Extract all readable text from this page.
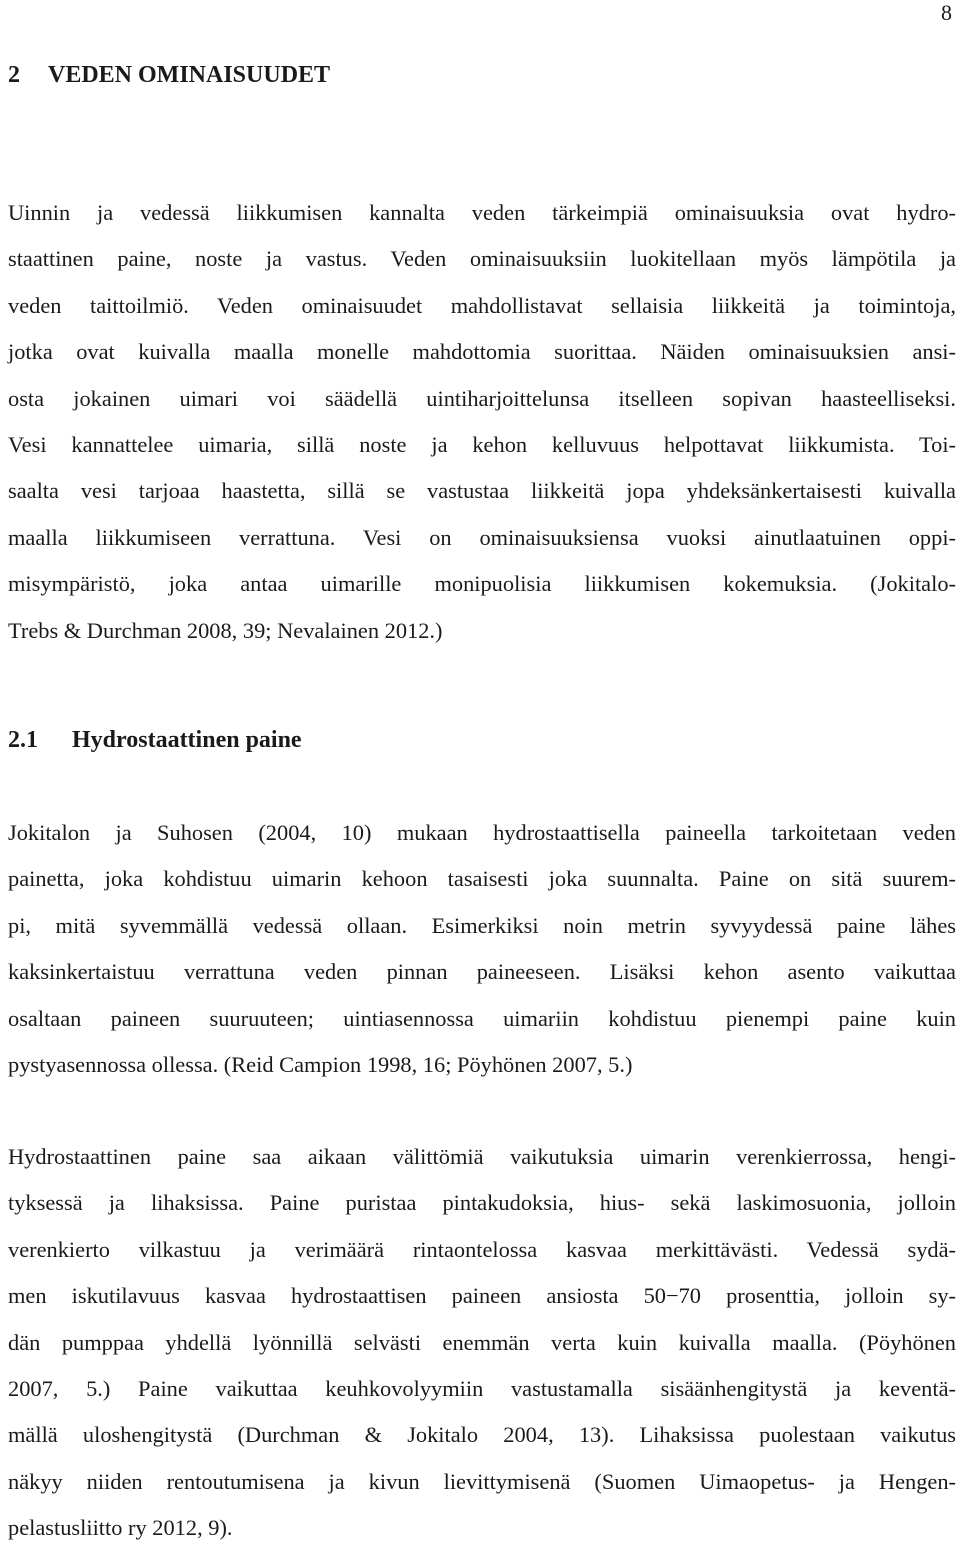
8
2 VEDEN OMINAISUUDET
Uinnin ja vedessä liikkumisen kannalta veden tärkeimpiä ominaisuuksia ovat hydro-
staattinen paine, noste ja vastus. Veden ominaisuuksiin luokitellaan myös lämpötila ja
veden taittoilmiö. Veden ominaisuudet mahdollistavat sellaisia liikkeitä ja toimintoja,
jotka ovat kuivalla maalla monelle mahdottomia suorittaa. Näiden ominaisuuksien ansi-
osta jokainen uimari voi säädellä uintiharjoittelunsa itselleen sopivan haasteelliseksi.
Vesi kannattelee uimaria, sillä noste ja kehon kelluvuus helpottavat liikkumista. Toi-
saalta vesi tarjoaa haastetta, sillä se vastustaa liikkeitä jopa yhdeksänkertaisesti kuivalla
maalla liikkumiseen verrattuna. Vesi on ominaisuuksiensa vuoksi ainutlaatuinen oppi-
misympäristö, joka antaa uimarille monipuolisia liikkumisen kokemuksia. (Jokitalo-
Trebs & Durchman 2008, 39; Nevalainen 2012.)
2.1 Hydrostaattinen paine
Jokitalon ja Suhosen (2004, 10) mukaan hydrostaattisella paineella tarkoitetaan veden
painetta, joka kohdistuu uimarin kehoon tasaisesti joka suunnalta. Paine on sitä suurem-
pi, mitä syvemmällä vedessä ollaan. Esimerkiksi noin metrin syvyydessä paine lähes
kaksinkertaistuu verrattuna veden pinnan paineeseen. Lisäksi kehon asento vaikuttaa
osaltaan paineen suuruuteen; uintiasennossa uimariin kohdistuu pienempi paine kuin
pystyasennossa ollessa. (Reid Campion 1998, 16; Pöyhönen 2007, 5.)
Hydrostaattinen paine saa aikaan välittömiä vaikutuksia uimarin verenkierrossa, hengi-
tyksessä ja lihaksissa. Paine puristaa pintakudoksia, hius- sekä laskimosuonia, jolloin
verenkierto vilkastuu ja verimäärä rintaontelossa kasvaa merkittävästi. Vedessä sydä-
men iskutilavuus kasvaa hydrostaattisen paineen ansiosta 50−70 prosenttia, jolloin sy-
dän pumppaa yhdellä lyönnillä selvästi enemmän verta kuin kuivalla maalla. (Pöyhönen
2007, 5.) Paine vaikuttaa keuhkovolyymiin vastustamalla sisäänhengitystä ja keventä-
mällä uloshengitystä (Durchman & Jokitalo 2004, 13). Lihaksissa puolestaan vaikutus
näkyy niiden rentoutumisena ja kivun lievittymisenä (Suomen Uimaopetus- ja Hengen-
pelastusliitto ry 2012, 9).
